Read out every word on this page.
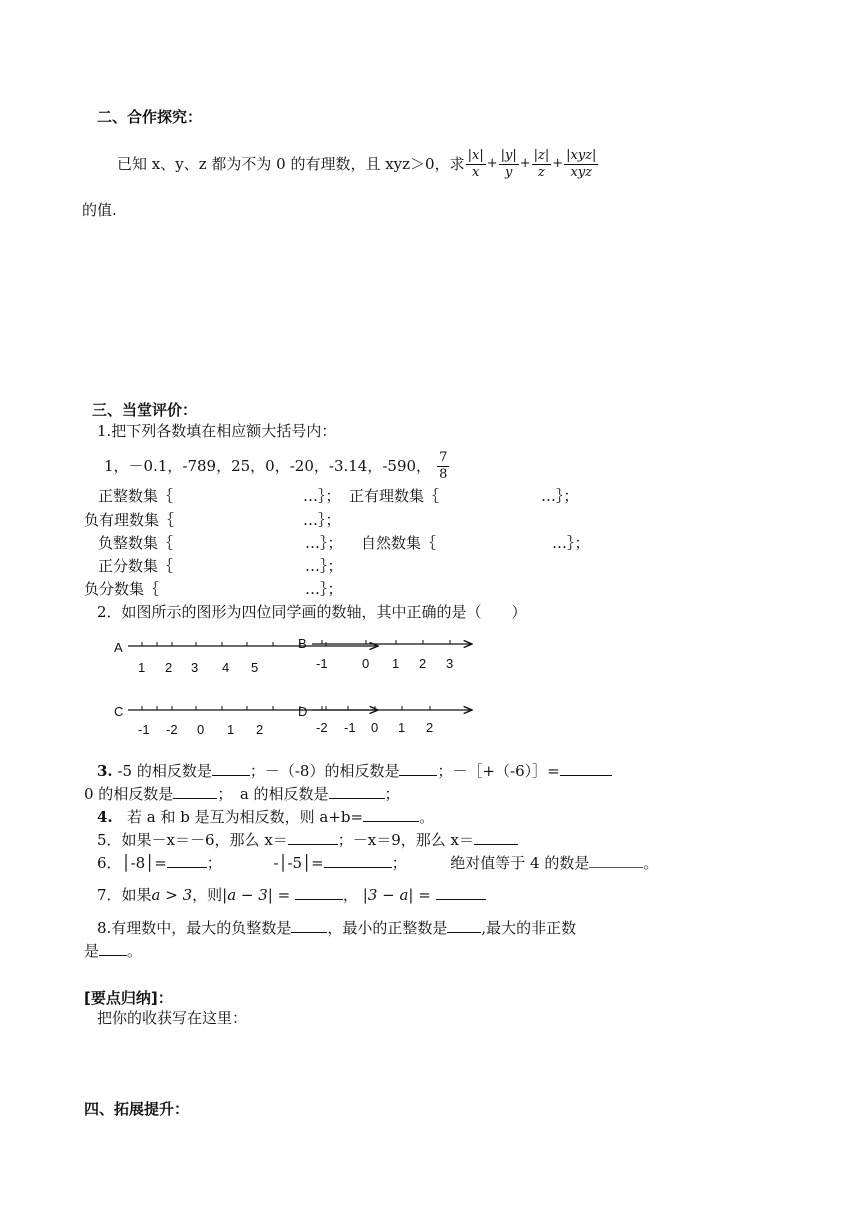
二、合作探究：
已知 x、y、z 都为不为 0 的有理数，且 xyz＞0，求 $\frac{|x|}{x} + \frac{|y|}{y} + \frac{|z|}{z} + \frac{\text{|xyz|}}{\text{xyz}}$
的值.
三、当堂评价：
1.把下列各数填在相应额大括号内：
1，－0.1，-789，25，0，-20，-3.14，-590， $\frac{7}{8}$
正整数集｛	…｝； 正有理数集｛	…｝；
负有理数集｛	…｝；
负整数集｛	…｝； 自然数集｛	…｝；
正分数集｛	…｝；
负分数集｛	…｝；
2．如图所示的图形为四位同学画的数轴，其中正确的是（　　）
A
1 2 3 4 5
B
-1	0 1 2 3
C
-1 -2 0 1 2
D
-2 -1 0 1 2
3. -5 的相反数是	；－（-8）的相反数是	；－［+（-6）］=
0 的相反数是	；　a 的相反数是	；
4. 若 a 和 b 是互为相反数，则 a+b=	。
5．如果－x＝－6，那么 x＝	；－x＝9，那么 x＝
6．│-8│=	；	-│-5│=	；	绝对值等于 4 的数是	。
7．如果a > 3，则|a − 3| =	， |3 − a| =
8.有理数中，最大的负整数是 ，最小的正整数是 ,最大的非正数
是 。
[要点归纳]：
把你的收获写在这里：
四、拓展提升：
